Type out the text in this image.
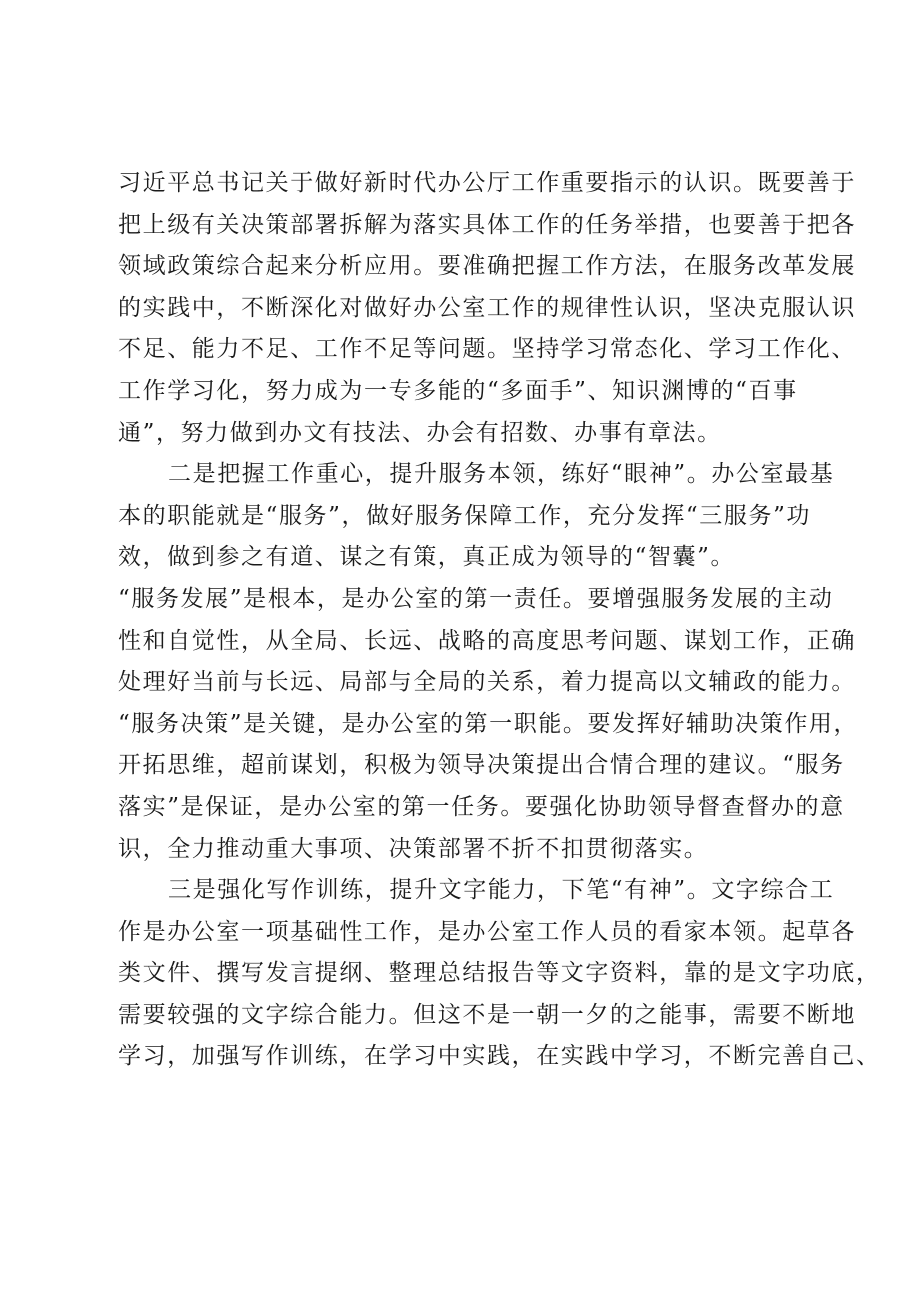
习近平总书记关于做好新时代办公厅工作重要指示的认识。既要善于
把上级有关决策部署拆解为落实具体工作的任务举措，也要善于把各
领域政策综合起来分析应用。要准确把握工作方法，在服务改革发展
的实践中，不断深化对做好办公室工作的规律性认识，坚决克服认识
不足、能力不足、工作不足等问题。坚持学习常态化、学习工作化、
工作学习化，努力成为一专多能的“多面手”、知识渊博的“百事
通”，努力做到办文有技法、办会有招数、办事有章法。
二是把握工作重心，提升服务本领，练好“眼神”。办公室最基
本的职能就是“服务”，做好服务保障工作，充分发挥“三服务”功
效，做到参之有道、谋之有策，真正成为领导的“智囊”。
“服务发展”是根本，是办公室的第一责任。要增强服务发展的主动
性和自觉性，从全局、长远、战略的高度思考问题、谋划工作，正确
处理好当前与长远、局部与全局的关系，着力提高以文辅政的能力。
“服务决策”是关键，是办公室的第一职能。要发挥好辅助决策作用，
开拓思维，超前谋划，积极为领导决策提出合情合理的建议。“服务
落实”是保证，是办公室的第一任务。要强化协助领导督查督办的意
识，全力推动重大事项、决策部署不折不扣贯彻落实。
三是强化写作训练，提升文字能力，下笔“有神”。文字综合工
作是办公室一项基础性工作，是办公室工作人员的看家本领。起草各
类文件、撰写发言提纲、整理总结报告等文字资料，靠的是文字功底，
需要较强的文字综合能力。但这不是一朝一夕的之能事，需要不断地
学习，加强写作训练，在学习中实践，在实践中学习，不断完善自己、
